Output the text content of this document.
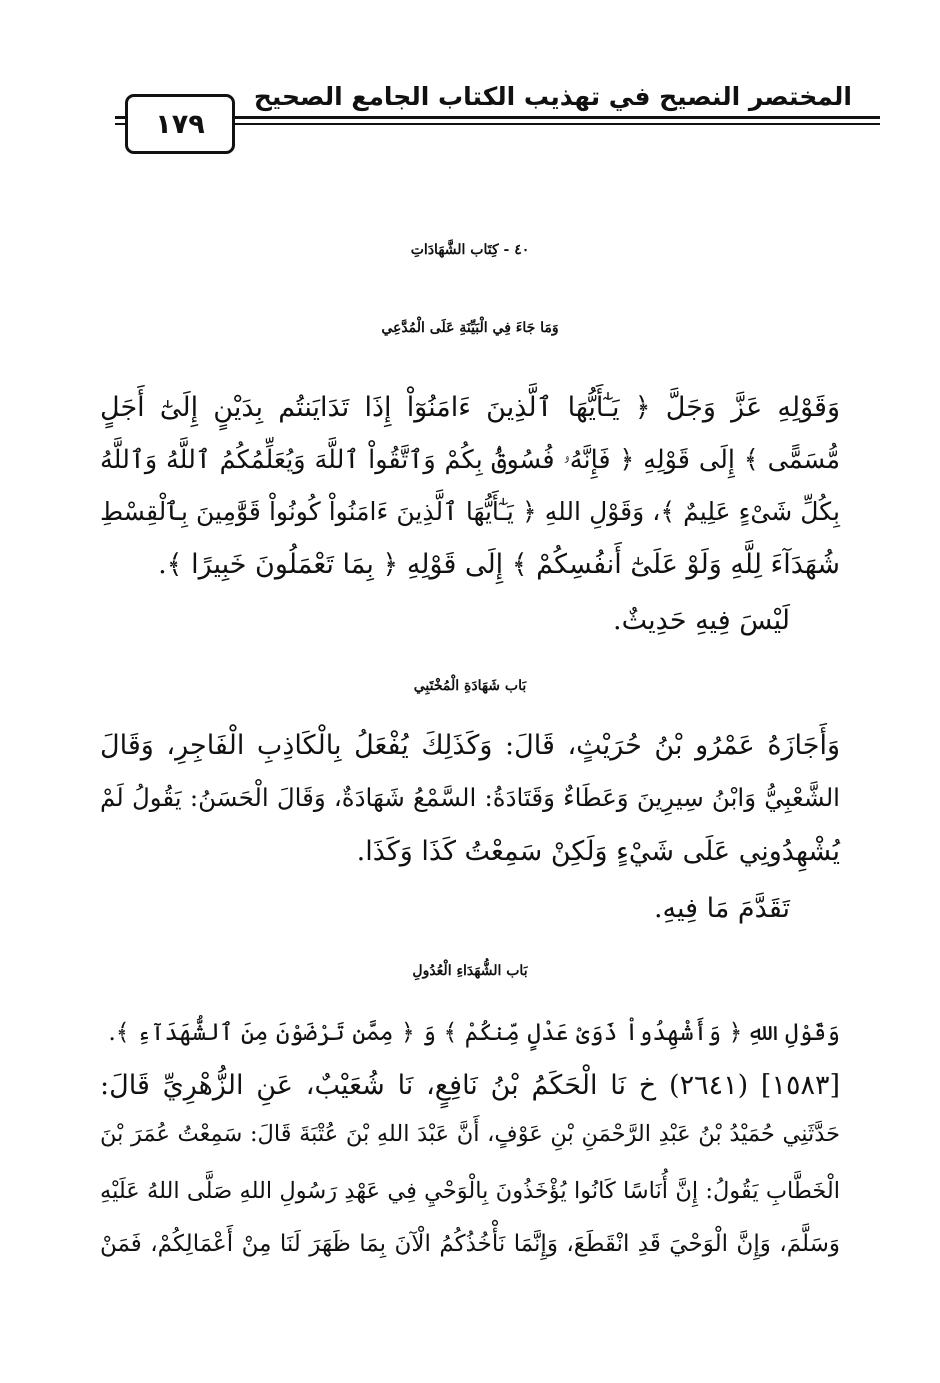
المختصر النصيح في تهذيب الكتاب الجامع الصحيح
١٧٩
٤٠ - كِتَاب الشَّهَادَاتِ
وَمَا جَاءَ فِي الْبَيِّنَةِ عَلَى الْمُدَّعِي
وَقَوْلِهِ عَزَّ وَجَلَّ ﴿ يَـٰٓأَيُّهَا ٱلَّذِينَ ءَامَنُوٓاْ إِذَا تَدَايَنتُم بِدَيْنٍ إِلَىٰٓ أَجَلٍ
مُّسَمًّى ﴾ إِلَى قَوْلِهِ ﴿ فَإِنَّهُۥ فُسُوقُۢ بِكُمْ وَٱتَّقُواْ ٱللَّهَ وَيُعَلِّمُكُمُ ٱللَّهُ وَٱللَّهُ
بِكُلِّ شَىْءٍ عَلِيمٌ ﴾، وَقَوْلِ اللهِ ﴿ يَـٰٓأَيُّهَا ٱلَّذِينَ ءَامَنُواْ كُونُواْ قَوَّٰمِينَ بِٱلْقِسْطِ
شُهَدَآءَ لِلَّهِ وَلَوْ عَلَىٰٓ أَنفُسِكُمْ ﴾ إِلَى قَوْلِهِ ﴿ بِمَا تَعْمَلُونَ خَبِيرًا ﴾.
لَيْسَ فِيهِ حَدِيثٌ.
بَاب شَهَادَةِ الْمُخْتَبِي
وَأَجَازَهُ عَمْرُو بْنُ حُرَيْثٍ، قَالَ: وَكَذَلِكَ يُفْعَلُ بِالْكَاذِبِ الْفَاجِرِ، وَقَالَ
الشَّعْبِيُّ وَابْنُ سِيرِينَ وَعَطَاءٌ وَقَتَادَةُ: السَّمْعُ شَهَادَةٌ، وَقَالَ الْحَسَنُ: يَقُولُ لَمْ
يُشْهِدُونِي عَلَى شَيْءٍ وَلَكِنْ سَمِعْتُ كَذَا وَكَذَا.
تَقَدَّمَ مَا فِيهِ.
بَاب الشُّهَدَاءِ الْعُدُولِ
وَقَوْلِ اللهِ ﴿ وَأَشْهِدُواْ ذَوَىْ عَدْلٍ مِّنكُمْ ﴾ وَ ﴿ مِمَّن تَرْضَوْنَ مِنَ ٱلشُّهَدَآءِ ﴾.
[١٥٨٣] (٢٦٤١) خ نَا الْحَكَمُ بْنُ نَافِعٍ، نَا شُعَيْبٌ، عَنِ الزُّهْرِيِّ قَالَ:
حَدَّثَنِي حُمَيْدُ بْنُ عَبْدِ الرَّحْمَنِ بْنِ عَوْفٍ، أَنَّ عَبْدَ اللهِ بْنَ عُتْبَةَ قَالَ: سَمِعْتُ عُمَرَ بْنَ
الْخَطَّابِ يَقُولُ: إِنَّ أُنَاسًا كَانُوا يُؤْخَذُونَ بِالْوَحْيِ فِي عَهْدِ رَسُولِ اللهِ صَلَّى اللهُ عَلَيْهِ
وَسَلَّمَ، وَإِنَّ الْوَحْيَ قَدِ انْقَطَعَ، وَإِنَّمَا نَأْخُذُكُمُ الْآنَ بِمَا ظَهَرَ لَنَا مِنْ أَعْمَالِكُمْ، فَمَنْ
